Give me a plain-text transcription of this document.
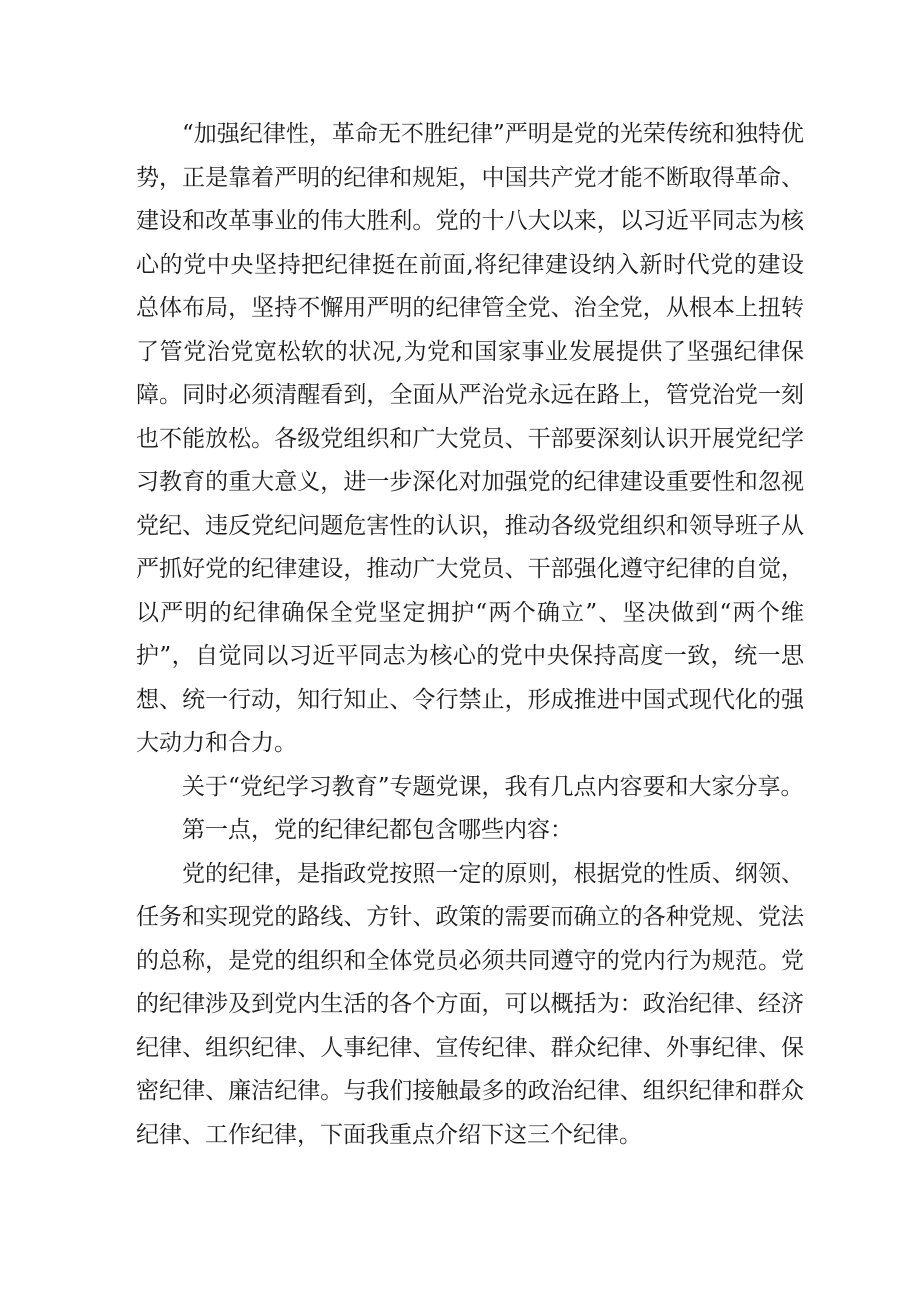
“加强纪律性，革命无不胜纪律”严明是党的光荣传统和独特优势，正是靠着严明的纪律和规矩，中国共产党才能不断取得革命、建设和改革事业的伟大胜利。党的十八大以来，以习近平同志为核心的党中央坚持把纪律挺在前面,将纪律建设纳入新时代党的建设总体布局，坚持不懈用严明的纪律管全党、治全党，从根本上扭转了管党治党宽松软的状况,为党和国家事业发展提供了坚强纪律保障。同时必须清醒看到，全面从严治党永远在路上，管党治党一刻也不能放松。各级党组织和广大党员、干部要深刻认识开展党纪学习教育的重大意义，进一步深化对加强党的纪律建设重要性和忽视党纪、违反党纪问题危害性的认识，推动各级党组织和领导班子从严抓好党的纪律建设，推动广大党员、干部强化遵守纪律的自觉，以严明的纪律确保全党坚定拥护“两个确立”、坚决做到“两个维护”，自觉同以习近平同志为核心的党中央保持高度一致，统一思想、统一行动，知行知止、令行禁止，形成推进中国式现代化的强大动力和合力。

关于“党纪学习教育”专题党课，我有几点内容要和大家分享。

第一点，党的纪律纪都包含哪些内容：

党的纪律，是指政党按照一定的原则，根据党的性质、纲领、任务和实现党的路线、方针、政策的需要而确立的各种党规、党法的总称，是党的组织和全体党员必须共同遵守的党内行为规范。党的纪律涉及到党内生活的各个方面，可以概括为：政治纪律、经济纪律、组织纪律、人事纪律、宣传纪律、群众纪律、外事纪律、保密纪律、廉洁纪律。与我们接触最多的政治纪律、组织纪律和群众纪律、工作纪律，下面我重点介绍下这三个纪律。
